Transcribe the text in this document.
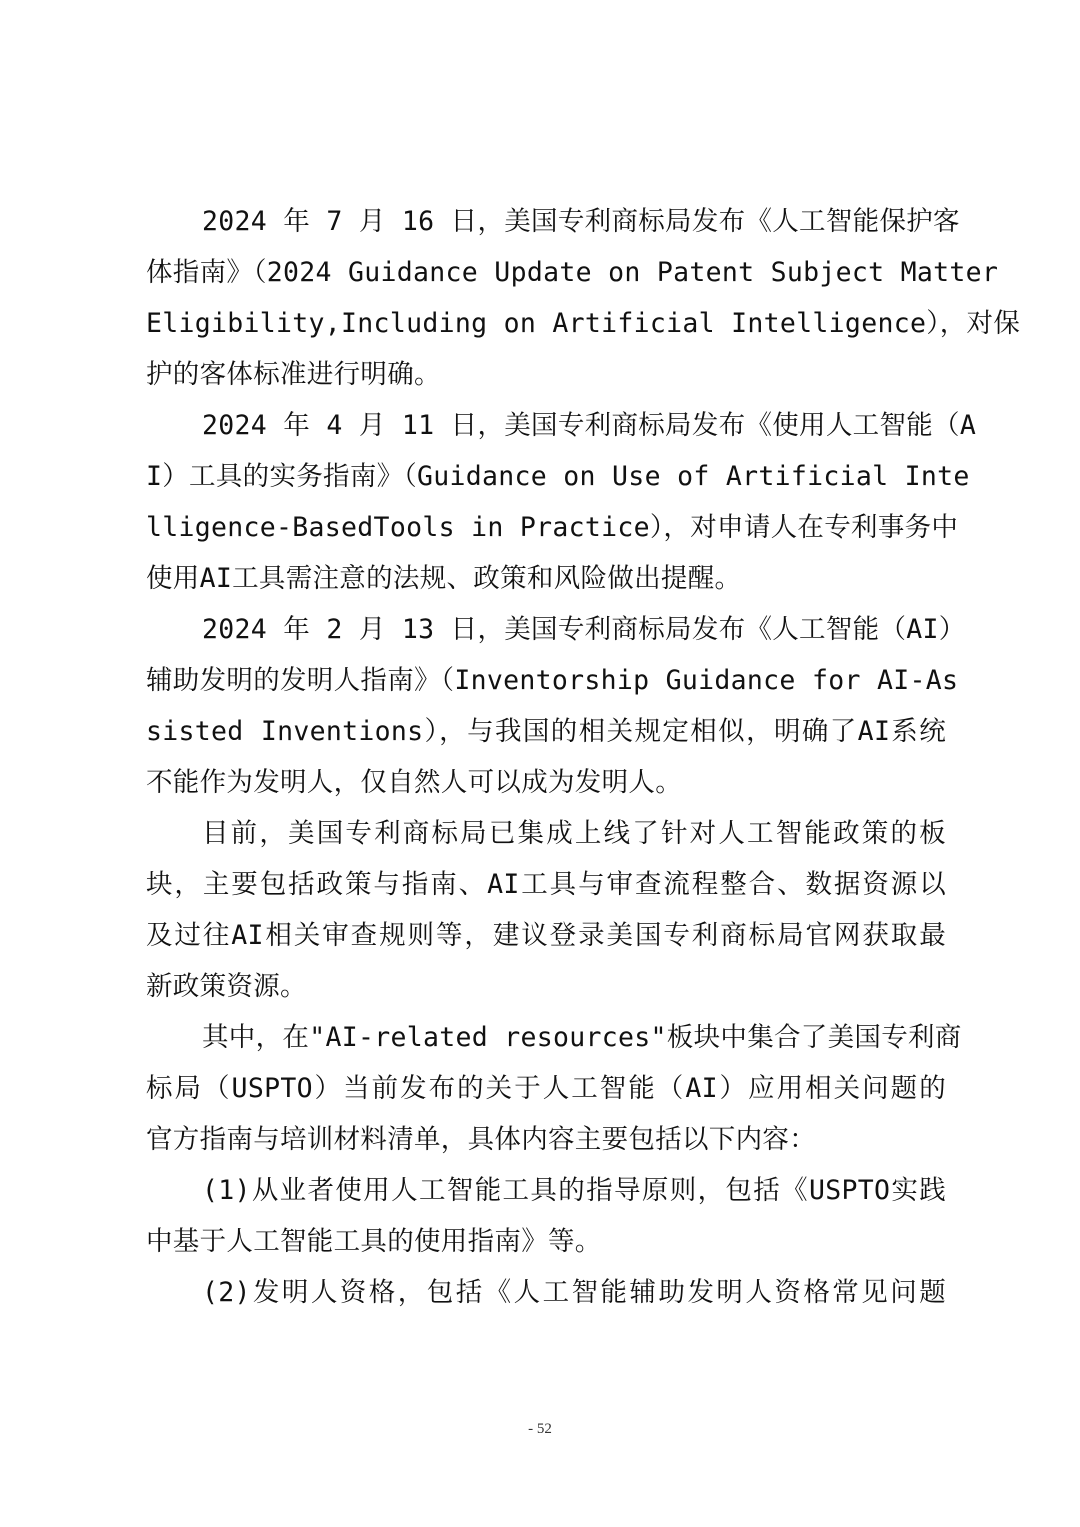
2024 年 7 月 16 日，美国专利商标局发布《人工智能保护客
体指南》（2024 Guidance Update on Patent Subject Matter
Eligibility,Including on Artificial Intelligence），对保
护的客体标准进行明确。
2024 年 4 月 11 日，美国专利商标局发布《使用人工智能（A
I）工具的实务指南》（Guidance on Use of Artificial Inte
lligence-BasedTools in Practice），对申请人在专利事务中
使用AI工具需注意的法规、政策和风险做出提醒。
2024 年 2 月 13 日，美国专利商标局发布《人工智能（AI）
辅助发明的发明人指南》（Inventorship Guidance for AI-As
sisted Inventions），与我国的相关规定相似，明确了AI系统
不能作为发明人，仅自然人可以成为发明人。
目前，美国专利商标局已集成上线了针对人工智能政策的板
块，主要包括政策与指南、AI工具与审查流程整合、数据资源以
及过往AI相关审查规则等，建议登录美国专利商标局官网获取最
新政策资源。
其中，在"AI-related resources"板块中集合了美国专利商
标局（USPTO）当前发布的关于人工智能（AI）应用相关问题的
官方指南与培训材料清单，具体内容主要包括以下内容：
(1)从业者使用人工智能工具的指导原则，包括《USPTO实践
中基于人工智能工具的使用指南》等。
(2)发明人资格，包括《人工智能辅助发明人资格常见问题
- 52
